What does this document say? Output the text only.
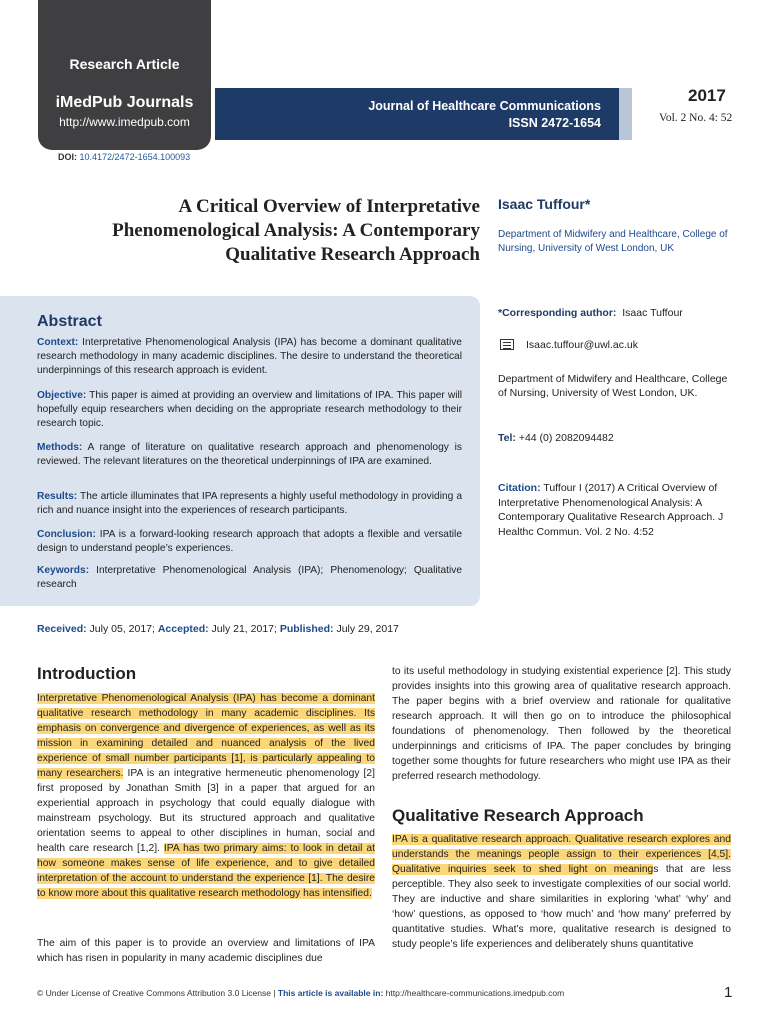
Research Article
iMedPub Journals
http://www.imedpub.com
Journal of Healthcare Communications
ISSN 2472-1654
2017
Vol. 2 No. 4: 52
DOI: 10.4172/2472-1654.100093
A Critical Overview of Interpretative Phenomenological Analysis: A Contemporary Qualitative Research Approach
Isaac Tuffour*
Department of Midwifery and Healthcare, College of Nursing, University of West London, UK
Abstract
Context: Interpretative Phenomenological Analysis (IPA) has become a dominant qualitative research methodology in many academic disciplines. The desire to understand the theoretical underpinnings of this research approach is evident.
Objective: This paper is aimed at providing an overview and limitations of IPA. This paper will hopefully equip researchers when deciding on the appropriate research methodology to their research topic.
Methods: A range of literature on qualitative research approach and phenomenology is reviewed. The relevant literatures on the theoretical underpinnings of IPA are examined.
Results: The article illuminates that IPA represents a highly useful methodology in providing a rich and nuance insight into the experiences of research participants.
Conclusion: IPA is a forward-looking research approach that adopts a flexible and versatile design to understand people’s experiences.
Keywords: Interpretative Phenomenological Analysis (IPA); Phenomenology; Qualitative research
*Corresponding author: Isaac Tuffour
Isaac.tuffour@uwl.ac.uk
Department of Midwifery and Healthcare, College of Nursing, University of West London, UK.
Tel: +44 (0) 2082094482
Citation: Tuffour I (2017) A Critical Overview of Interpretative Phenomenological Analysis: A Contemporary Qualitative Research Approach. J Healthc Commun. Vol. 2 No. 4:52
Received: July 05, 2017; Accepted: July 21, 2017; Published: July 29, 2017
Introduction
Interpretative Phenomenological Analysis (IPA) has become a dominant qualitative research methodology in many academic disciplines. Its emphasis on convergence and divergence of experiences, as well as its mission in examining detailed and nuanced analysis of the lived experience of small number participants [1], is particularly appealing to many researchers. IPA is an integrative hermeneutic phenomenology [2] first proposed by Jonathan Smith [3] in a paper that argued for an experiential approach in psychology that could equally dialogue with mainstream psychology. But its structured approach and qualitative orientation seems to appeal to other disciplines in human, social and health care research [1,2]. IPA has two primary aims: to look in detail at how someone makes sense of life experience, and to give detailed interpretation of the account to understand the experience [1]. The desire to know more about this qualitative research methodology has intensified.
The aim of this paper is to provide an overview and limitations of IPA which has risen in popularity in many academic disciplines due
to its useful methodology in studying existential experience [2]. This study provides insights into this growing area of qualitative research approach. The paper begins with a brief overview and rationale for qualitative research approach. It will then go on to introduce the philosophical foundations of phenomenology. Then followed by the theoretical underpinnings and criticisms of IPA. The paper concludes by bringing together some thoughts for future researchers who might use IPA as their preferred research methodology.
Qualitative Research Approach
IPA is a qualitative research approach. Qualitative research explores and understands the meanings people assign to their experiences [4,5]. Qualitative inquiries seek to shed light on meanings that are less perceptible. They also seek to investigate complexities of our social world. They are inductive and share similarities in exploring ‘what’ ‘why’ and ‘how’ questions, as opposed to ‘how much’ and ‘how many’ preferred by quantitative studies. What’s more, qualitative research is designed to study people’s life experiences and deliberately shuns quantitative
© Under License of Creative Commons Attribution 3.0 License | This article is available in: http://healthcare-communications.imedpub.com	1
